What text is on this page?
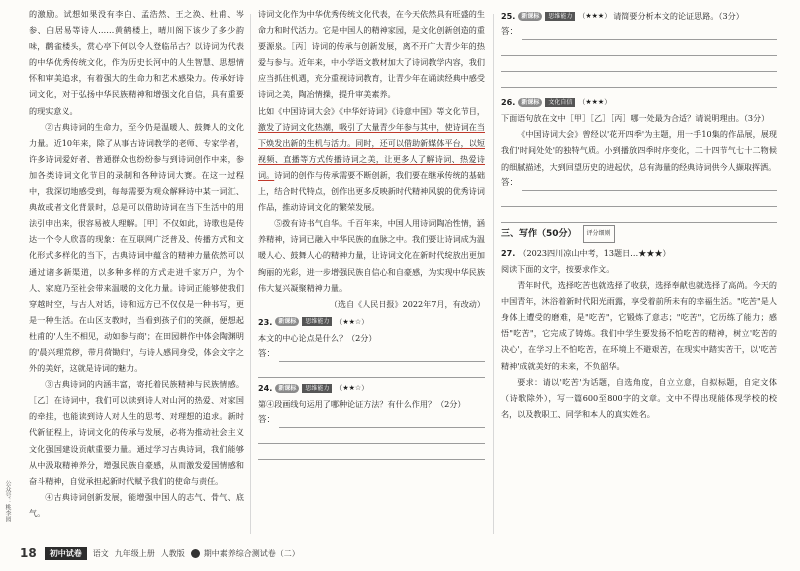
公众号：桃李园

的激励。试想如果没有李白、孟浩然、王之涣、杜甫、岑参、白居易等诗人……黄鹤楼上，晴川阁下该少了多少韵味，鹳雀楼头，赏心亭下何以令人登临吊古？以诗词为代表的中华优秀传统文化，作为历史长河中的人生智慧、思想情怀和审美追求，有着强大的生命力和艺术感染力。传承好诗词文化，对于弘扬中华民族精神和增强文化自信，具有重要的现实意义。

②古典诗词的生命力，至今仍是温暖人、鼓舞人的文化力量。近10年来，除了从事古诗词教学的老师、专家学者，许多诗词爱好者、普通群众也纷纷参与到诗词创作中来，参加各类诗词文化节目的录制和各种诗词大赛。在这一过程中，我深切地感受到，每每需要为观众解释诗中某一词汇、典故或者文化背景时，总是可以借助诗词在当下生活中的用法引申出来，很容易被人理解。［甲］不仅如此，诗歌也是传达一个令人欣喜的现象：在互联网广泛普及、传播方式和文化形式多样化的当下，古典诗词中蕴含的精神力量依然可以通过诸多新渠道，以多种多样的方式走进千家万户，为个人、家庭乃至社会带来温暖的文化力量。诗词正能够使我们穿越时空，与古人对话，诗和远方已不仅仅是一种书写，更是一种生活。在山区支教时，当看到孩子们的笑颜，便想起杜甫的'人生不相见，动如参与商'；在田园耕作中体会陶渊明的'晨兴理荒秽，带月荷锄归'，与诗人感同身受，体会文字之外的美好，这就是诗词的魅力。

③古典诗词的内涵丰富，寄托着民族精神与民族情感。［乙］在诗词中，我们可以读到诗人对山河的热爱、对家国的牵挂，也能读到诗人对人生的思考、对理想的追求。新时代新征程上，诗词文化的传承与发展，必将为推动社会主义文化强国建设贡献重要力量。通过学习古典诗词，我们能够从中汲取精神养分，增强民族自豪感，从而激发爱国情感和奋斗精神，自觉承担起新时代赋予我们的使命与责任。

④古典诗词创新发展，能增强中国人的志气、骨气、底气。

诗词文化作为中华优秀传统文化代表，在今天依然具有旺盛的生命力和时代活力。它是中国人的精神家园，是文化创新创造的重要源泉。［丙］诗词的传承与创新发展，离不开广大青少年的热爱与参与。近年来，中小学语文教材加大了诗词教学内容，我们应当抓住机遇，充分重视诗词教育，让青少年在诵读经典中感受诗词之美，陶冶情操，提升审美素养。

比如《中国诗词大会》《中华好诗词》《诗意中国》等文化节目，激发了诗词文化热潮，吸引了大量青少年参与其中，使诗词在当下焕发出新的生机与活力。同时，还可以借助新媒体平台，以短视频、直播等方式传播诗词之美，让更多人了解诗词、热爱诗词。诗词的创作与传承需要不断创新，我们要在继承传统的基础上，结合时代特点，创作出更多反映新时代精神风貌的优秀诗词作品，推动诗词文化的繁荣发展。

⑤拨有诗书气自华。千百年来，中国人用诗词陶冶性情，涵养精神，诗词已融入中华民族的血脉之中。我们要让诗词成为温暖人心、鼓舞人心的精神力量，让诗词文化在新时代绽放出更加绚丽的光彩，进一步增强民族自信心和自豪感，为实现中华民族伟大复兴凝聚精神力量。

（选自《人民日报》2022年7月，有改动）

23.	新课标	思维能力 （★★☆）
本文的中心论点是什么？（2分）
答：
24.	新课标	思维能力 （★★☆）
第④段画线句运用了哪种论证方法？有什么作用？（2分）
答：
25.	新课标	思维能力 （★★★） 请简要分析本文的论证思路。（3分）
答：
26.	新课标	文化自信 （★★★）
下面语句放在文中［甲］［乙］［丙］哪一处最为合适？请说明理由。（3分）

《中国诗词大会》曾经以'花开四季'为主题，用一手10集的作品展，展现我们'时间处处'的独特气质。小到播放四季时序变化，二十四节气七十二物候的细腻描述，大到回望历史的进起伏，总有海量的经典诗词供今人撷取挥洒。

答：
三、写作（50分）	评分细则
27. （2023四川凉山中考，13题日…★★★）
阅读下面的文字，按要求作文。

青年时代，选择吃苦也就选择了收获，选择奉献也就选择了高尚。今天的中国青年，沐浴着新时代阳光雨露，享受着前所未有的幸福生活。"吃苦"是人身体上遭受的磨难，是"吃苦"，它锻炼了意志；"吃苦"，它历练了能力；感悟"吃苦"，它完成了铸炼。我们中学生要发扬不怕吃苦的精神，树立'吃苦的决心'，在学习上不怕吃苦，在环境上不避艰苦，在现实中踏实苦干，以'吃苦精神'成就美好的未来，不负韶华。

要求：请以'吃苦'为话题，自选角度，自立立意，自拟标题，自定文体（诗歌除外），写一篇600至800字的文章。文中不得出现能体现学校的校名，以及教职工、同学和本人的真实姓名。

18	初中试卷	语文 九年级上册 人教版 期中素养综合测试卷（二）
